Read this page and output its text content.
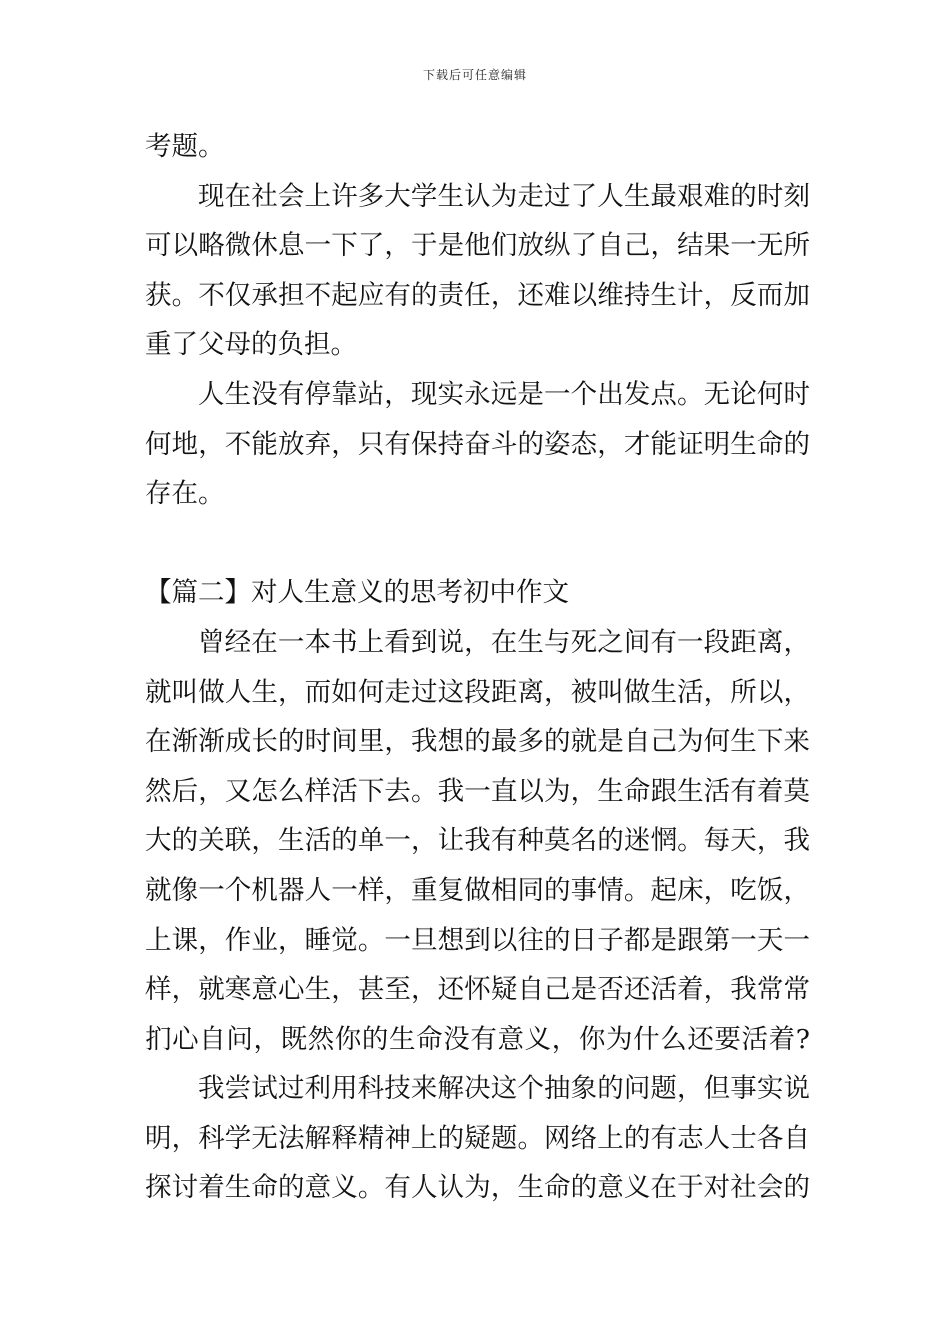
下载后可任意编辑
考题。
现在社会上许多大学生认为走过了人生最艰难的时刻
可以略微休息一下了，于是他们放纵了自己，结果一无所
获。不仅承担不起应有的责任，还难以维持生计，反而加
重了父母的负担。
人生没有停靠站，现实永远是一个出发点。无论何时
何地，不能放弃，只有保持奋斗的姿态，才能证明生命的
存在。
【篇二】对人生意义的思考初中作文
曾经在一本书上看到说，在生与死之间有一段距离，
就叫做人生，而如何走过这段距离，被叫做生活，所以，
在渐渐成长的时间里，我想的最多的就是自己为何生下来
然后，又怎么样活下去。我一直以为，生命跟生活有着莫
大的关联，生活的单一，让我有种莫名的迷惘。每天，我
就像一个机器人一样，重复做相同的事情。起床，吃饭，
上课，作业，睡觉。一旦想到以往的日子都是跟第一天一
样，就寒意心生，甚至，还怀疑自己是否还活着，我常常
扪心自问，既然你的生命没有意义，你为什么还要活着?
我尝试过利用科技来解决这个抽象的问题，但事实说
明，科学无法解释精神上的疑题。网络上的有志人士各自
探讨着生命的意义。有人认为，生命的意义在于对社会的
